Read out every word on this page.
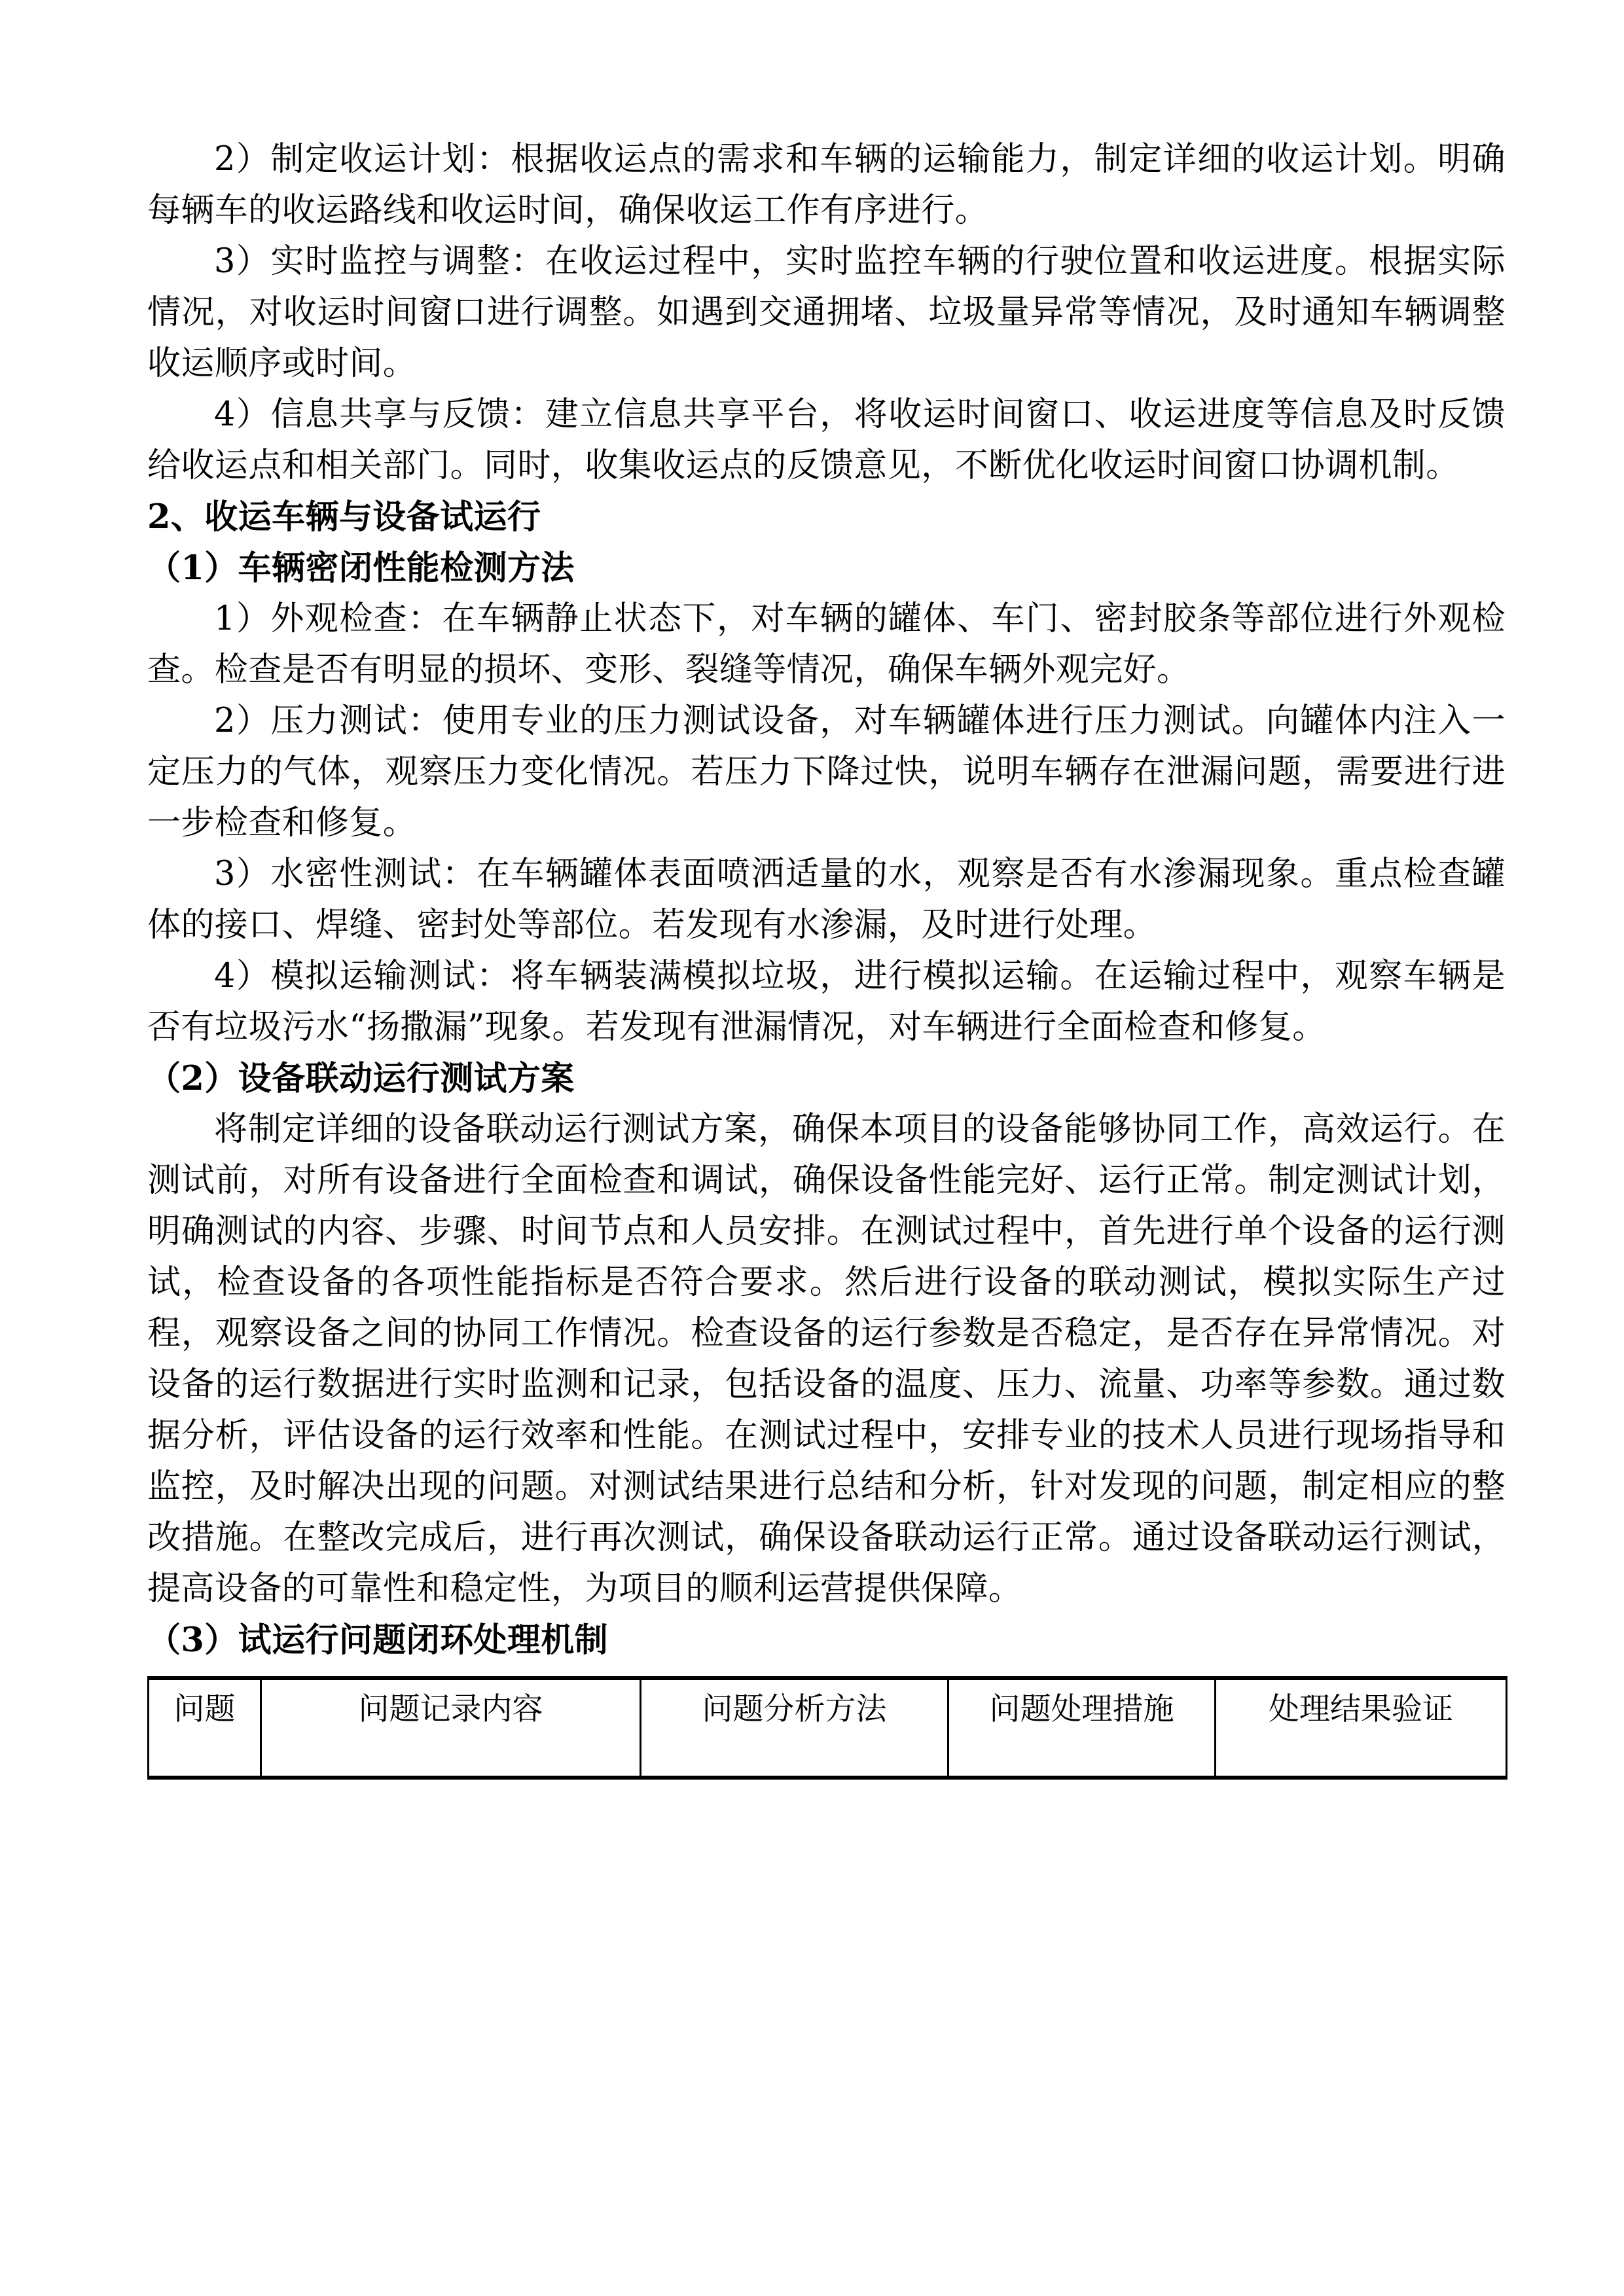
2）制定收运计划：根据收运点的需求和车辆的运输能力，制定详细的收运计划。明确每辆车的收运路线和收运时间，确保收运工作有序进行。

3）实时监控与调整：在收运过程中，实时监控车辆的行驶位置和收运进度。根据实际情况，对收运时间窗口进行调整。如遇到交通拥堵、垃圾量异常等情况，及时通知车辆调整收运顺序或时间。

4）信息共享与反馈：建立信息共享平台，将收运时间窗口、收运进度等信息及时反馈给收运点和相关部门。同时，收集收运点的反馈意见，不断优化收运时间窗口协调机制。

2、收运车辆与设备试运行

（1）车辆密闭性能检测方法

1）外观检查：在车辆静止状态下，对车辆的罐体、车门、密封胶条等部位进行外观检查。检查是否有明显的损坏、变形、裂缝等情况，确保车辆外观完好。

2）压力测试：使用专业的压力测试设备，对车辆罐体进行压力测试。向罐体内注入一定压力的气体，观察压力变化情况。若压力下降过快，说明车辆存在泄漏问题，需要进行进一步检查和修复。

3）水密性测试：在车辆罐体表面喷洒适量的水，观察是否有水渗漏现象。重点检查罐体的接口、焊缝、密封处等部位。若发现有水渗漏，及时进行处理。

4）模拟运输测试：将车辆装满模拟垃圾，进行模拟运输。在运输过程中，观察车辆是否有垃圾污水“扬撒漏”现象。若发现有泄漏情况，对车辆进行全面检查和修复。

（2）设备联动运行测试方案

将制定详细的设备联动运行测试方案，确保本项目的设备能够协同工作，高效运行。在测试前，对所有设备进行全面检查和调试，确保设备性能完好、运行正常。制定测试计划，明确测试的内容、步骤、时间节点和人员安排。在测试过程中，首先进行单个设备的运行测试，检查设备的各项性能指标是否符合要求。然后进行设备的联动测试，模拟实际生产过程，观察设备之间的协同工作情况。检查设备的运行参数是否稳定，是否存在异常情况。对设备的运行数据进行实时监测和记录，包括设备的温度、压力、流量、功率等参数。通过数据分析，评估设备的运行效率和性能。在测试过程中，安排专业的技术人员进行现场指导和监控，及时解决出现的问题。对测试结果进行总结和分析，针对发现的问题，制定相应的整改措施。在整改完成后，进行再次测试，确保设备联动运行正常。通过设备联动运行测试，提高设备的可靠性和稳定性，为项目的顺利运营提供保障。

（3）试运行问题闭环处理机制

问题	问题记录内容	问题分析方法	问题处理措施	处理结果验证
